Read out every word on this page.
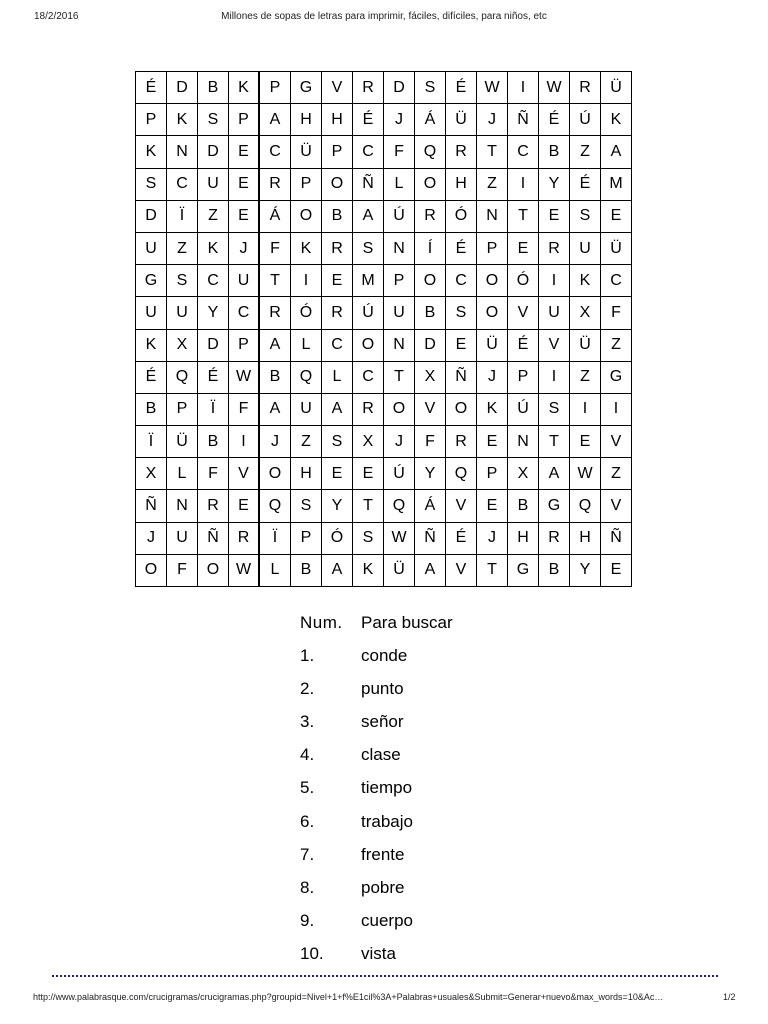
18/2/2016	Millones de sopas de letras para imprimir, fáciles, difíciles, para niños, etc
É	D	B	K	P	G	V	R	D	S	É	W	I	W	R	Ü
P	K	S	P	A	H	H	É	J	Á	Ü	J	Ñ	É	Ú	K
K	N	D	E	C	Ü	P	C	F	Q	R	T	C	B	Z	A
S	C	U	E	R	P	O	Ñ	L	O	H	Z	I	Y	É	M
D	Ï	Z	E	Á	O	B	A	Ú	R	Ó	N	T	E	S	E
U	Z	K	J	F	K	R	S	N	Í	É	P	E	R	U	Ü
G	S	C	U	T	I	E	M	P	O	C	O	Ó	I	K	C
U	U	Y	C	R	Ó	R	Ú	U	B	S	O	V	U	X	F
K	X	D	P	A	L	C	O	N	D	E	Ü	É	V	Ü	Z
É	Q	É	W	B	Q	L	C	T	X	Ñ	J	P	I	Z	G
B	P	Ï	F	A	U	A	R	O	V	O	K	Ú	S	I	I
Ï	Ü	B	I	J	Z	S	X	J	F	R	E	N	T	E	V
X	L	F	V	O	H	E	E	Ú	Y	Q	P	X	A	W	Z
Ñ	N	R	E	Q	S	Y	T	Q	Á	V	E	B	G	Q	V
J	U	Ñ	R	Ï	P	Ó	S	W	Ñ	É	J	H	R	H	Ñ
O	F	O	W	L	B	A	K	Ü	A	V	T	G	B	Y	E
Num.	Para buscar
1.	conde
2.	punto
3.	señor
4.	clase
5.	tiempo
6.	trabajo
7.	frente
8.	pobre
9.	cuerpo
10.	vista
http://www.palabrasque.com/crucigramas/crucigramas.php?groupid=Nivel+1+f%E1cil%3A+Palabras+usuales&Submit=Generar+nuevo&max_words=10&Ac…	1/2
